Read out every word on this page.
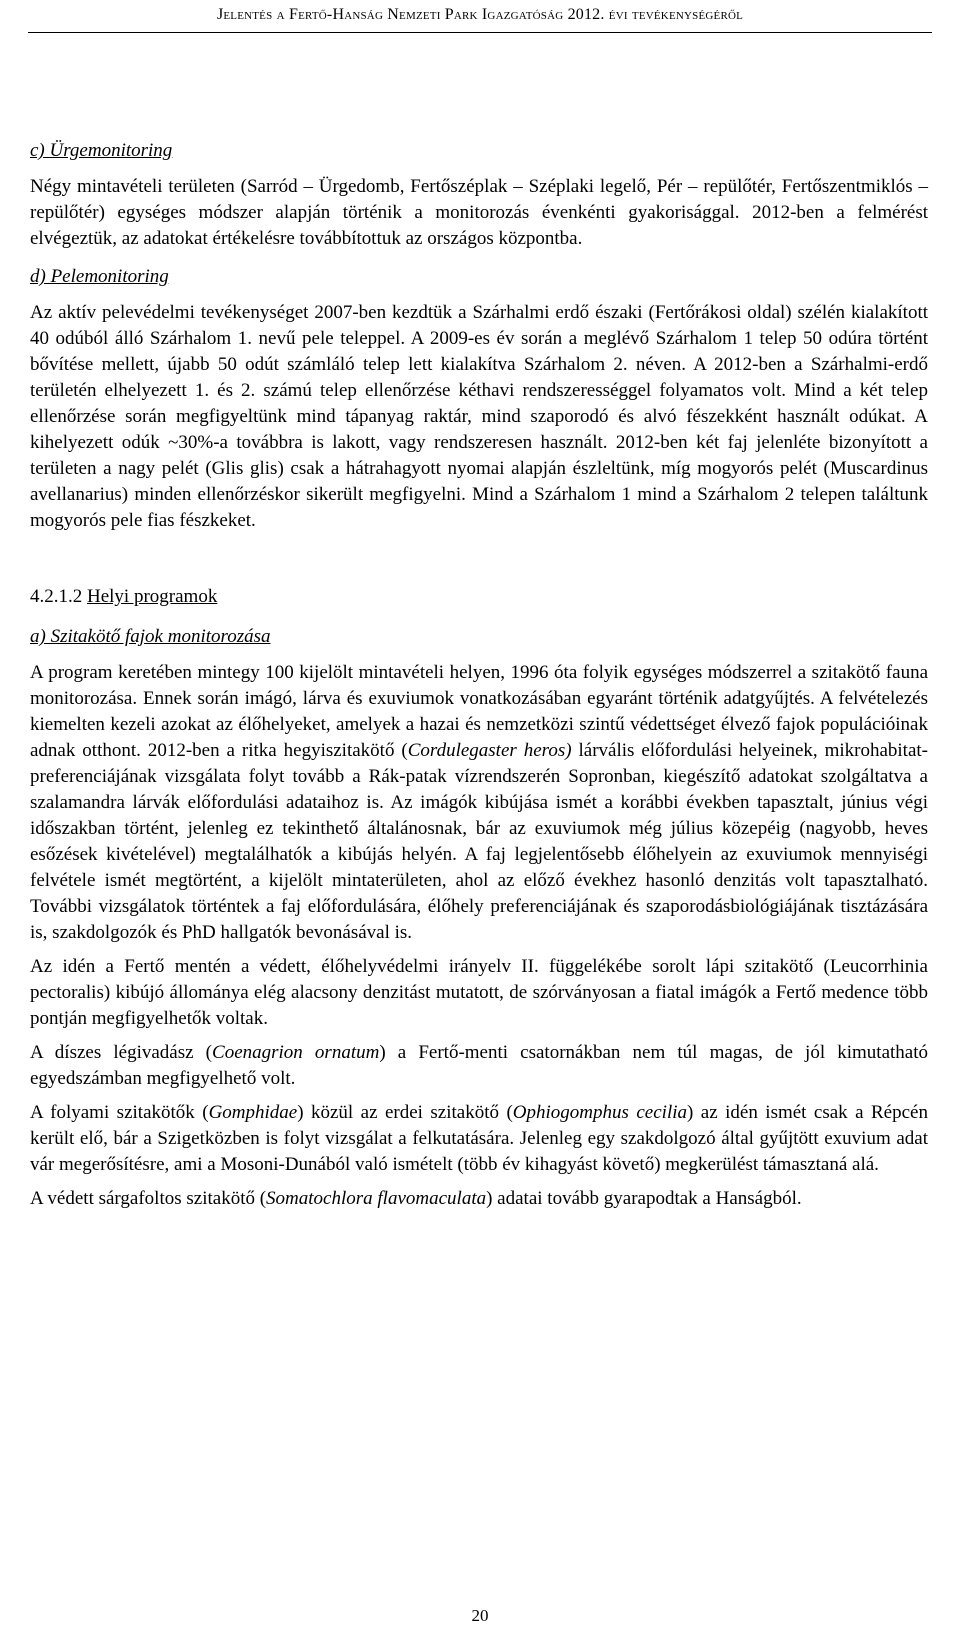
Jelentés a Fertő-Hanság Nemzeti Park Igazgatóság 2012. évi tevékenységéről

c) Ürgemonitoring

Négy mintavételi területen (Sarród – Ürgedomb, Fertőszéplak – Széplaki legelő, Pér – repülőtér, Fertőszentmiklós – repülőtér) egységes módszer alapján történik a monitorozás évenkénti gyakorisággal. 2012-ben a felmérést elvégeztük, az adatokat értékelésre továbbítottuk az országos központba.

d) Pelemonitoring

Az aktív pelevédelmi tevékenységet 2007-ben kezdtük a Szárhalmi erdő északi (Fertőrákosi oldal) szélén kialakított 40 odúból álló Szárhalom 1. nevű pele teleppel. A 2009-es év során a meglévő Szárhalom 1 telep 50 odúra történt bővítése mellett, újabb 50 odút számláló telep lett kialakítva Szárhalom 2. néven. A 2012-ben a Szárhalmi-erdő területén elhelyezett 1. és 2. számú telep ellenőrzése kéthavi rendszerességgel folyamatos volt. Mind a két telep ellenőrzése során megfigyeltünk mind tápanyag raktár, mind szaporodó és alvó fészekként használt odúkat. A kihelyezett odúk ~30%-a továbbra is lakott, vagy rendszeresen használt. 2012-ben két faj jelenléte bizonyított a területen a nagy pelét (Glis glis) csak a hátrahagyott nyomai alapján észleltünk, míg mogyorós pelét (Muscardinus avellanarius) minden ellenőrzéskor sikerült megfigyelni. Mind a Szárhalom 1 mind a Szárhalom 2 telepen találtunk mogyorós pele fias fészkeket.

4.2.1.2 Helyi programok

a) Szitakötő fajok monitorozása

A program keretében mintegy 100 kijelölt mintavételi helyen, 1996 óta folyik egységes módszerrel a szitakötő fauna monitorozása. Ennek során imágó, lárva és exuviumok vonatkozásában egyaránt történik adatgyűjtés. A felvételezés kiemelten kezeli azokat az élőhelyeket, amelyek a hazai és nemzetközi szintű védettséget élvező fajok populációinak adnak otthont. 2012-ben a ritka hegyiszitakötő (Cordulegaster heros) lárvális előfordulási helyeinek, mikrohabitat-preferenciájának vizsgálata folyt tovább a Rák-patak vízrendszerén Sopronban, kiegészítő adatokat szolgáltatva a szalamandra lárvák előfordulási adataihoz is. Az imágók kibújása ismét a korábbi években tapasztalt, június végi időszakban történt, jelenleg ez tekinthető általánosnak, bár az exuviumok még július közepéig (nagyobb, heves esőzések kivételével) megtalálhatók a kibújás helyén. A faj legjelentősebb élőhelyein az exuviumok mennyiségi felvétele ismét megtörtént, a kijelölt mintaterületen, ahol az előző évekhez hasonló denzitás volt tapasztalható. További vizsgálatok történtek a faj előfordulására, élőhely preferenciájának és szaporodásbiológiájának tisztázására is, szakdolgozók és PhD hallgatók bevonásával is.

Az idén a Fertő mentén a védett, élőhelyvédelmi irányelv II. függelékébe sorolt lápi szitakötő (Leucorrhinia pectoralis) kibújó állománya elég alacsony denzitást mutatott, de szórványosan a fiatal imágók a Fertő medence több pontján megfigyelhetők voltak.

A díszes légivadász (Coenagrion ornatum) a Fertő-menti csatornákban nem túl magas, de jól kimutatható egyedszámban megfigyelhető volt.

A folyami szitakötők (Gomphidae) közül az erdei szitakötő (Ophiogomphus cecilia) az idén ismét csak a Répcén került elő, bár a Szigetközben is folyt vizsgálat a felkutatására. Jelenleg egy szakdolgozó által gyűjtött exuvium adat vár megerősítésre, ami a Mosoni-Dunából való ismételt (több év kihagyást követő) megkerülést támasztaná alá.

A védett sárgafoltos szitakötő (Somatochlora flavomaculata) adatai tovább gyarapodtak a Hanságból.

20
